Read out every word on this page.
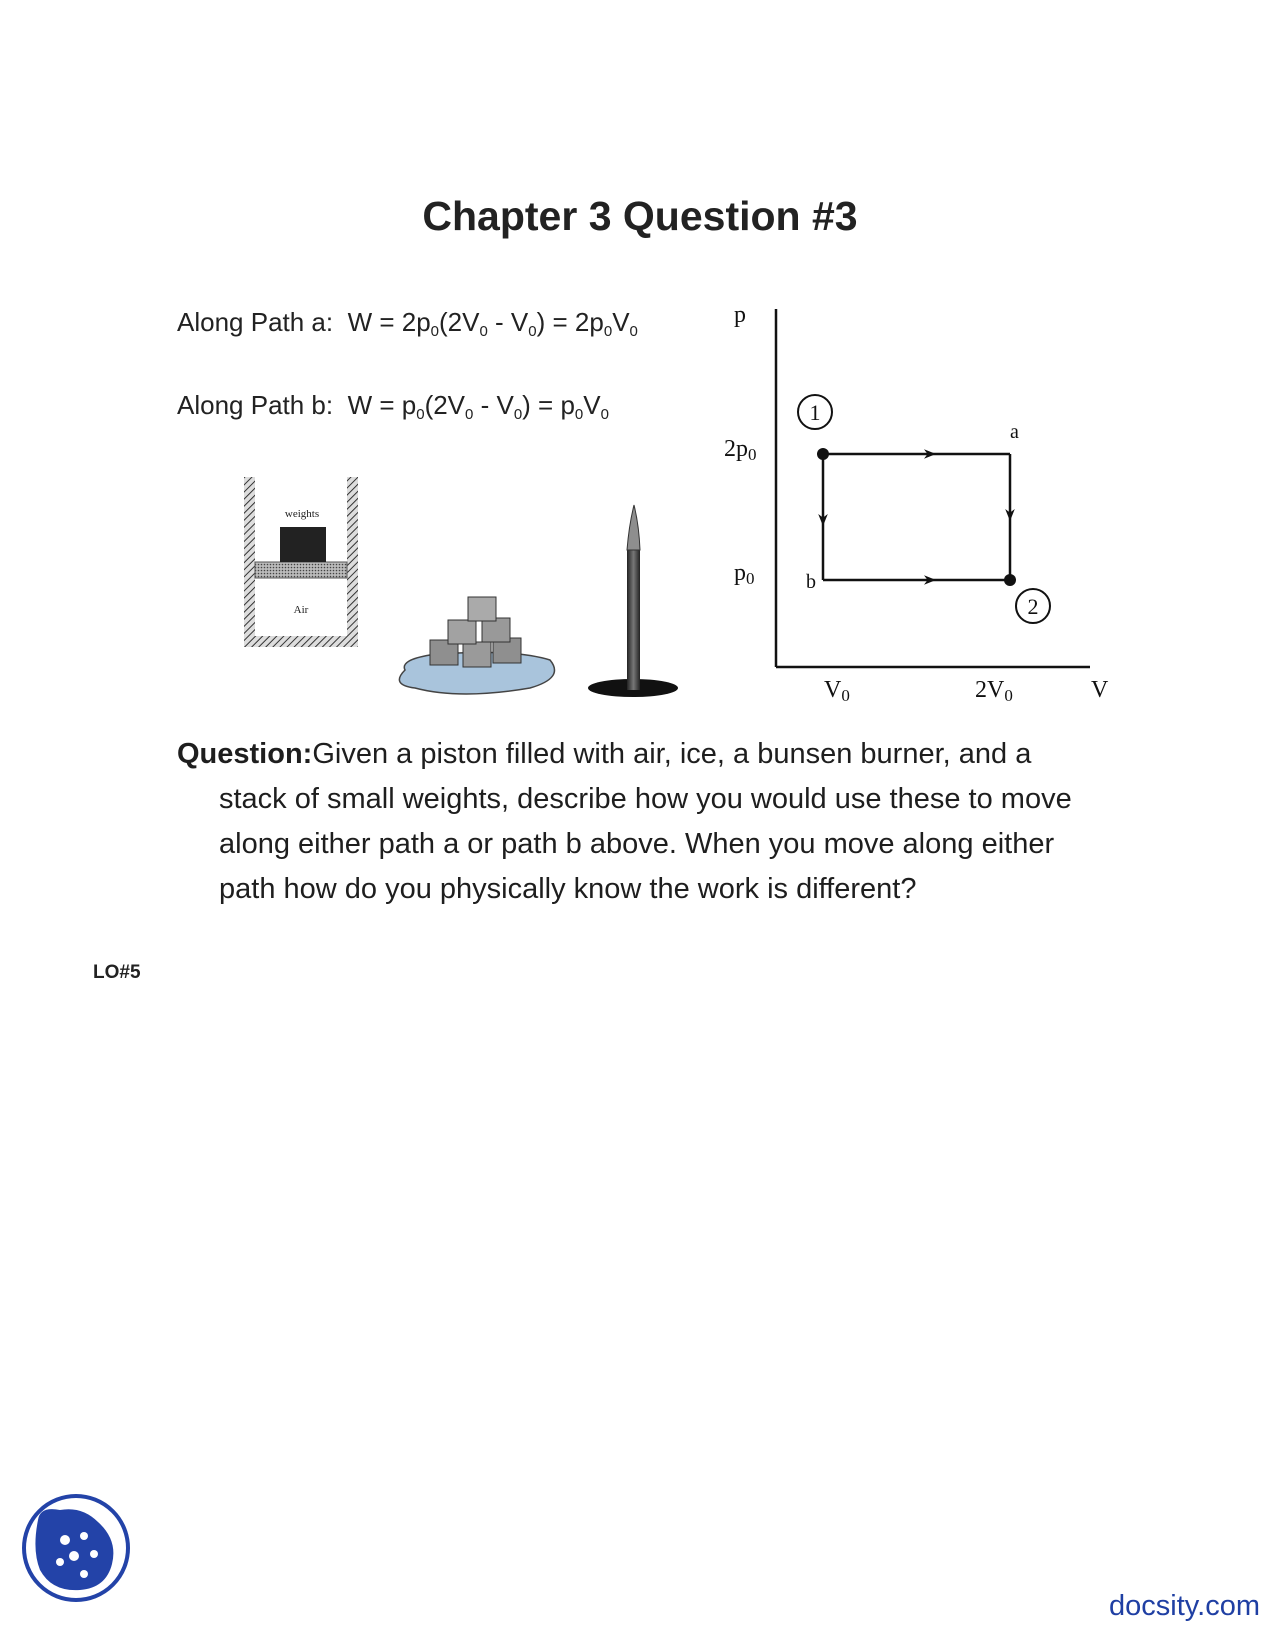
Chapter 3 Question #3
Along Path a: $W = 2p_0(2V_0 - V_0) = 2p_0V_0$
Along Path b: $W = p_0(2V_0 - V_0) = p_0V_0$
weights
Air
p
V
2p0
p0
V0	2V0
a
b
1
2
Question:Given a piston filled with air, ice, a bunsen burner, and a
stack of small weights, describe how you would use these to move
along either path a or path b above. When you move along either
path how do you physically know the work is different?
LO#5
docsity.com
